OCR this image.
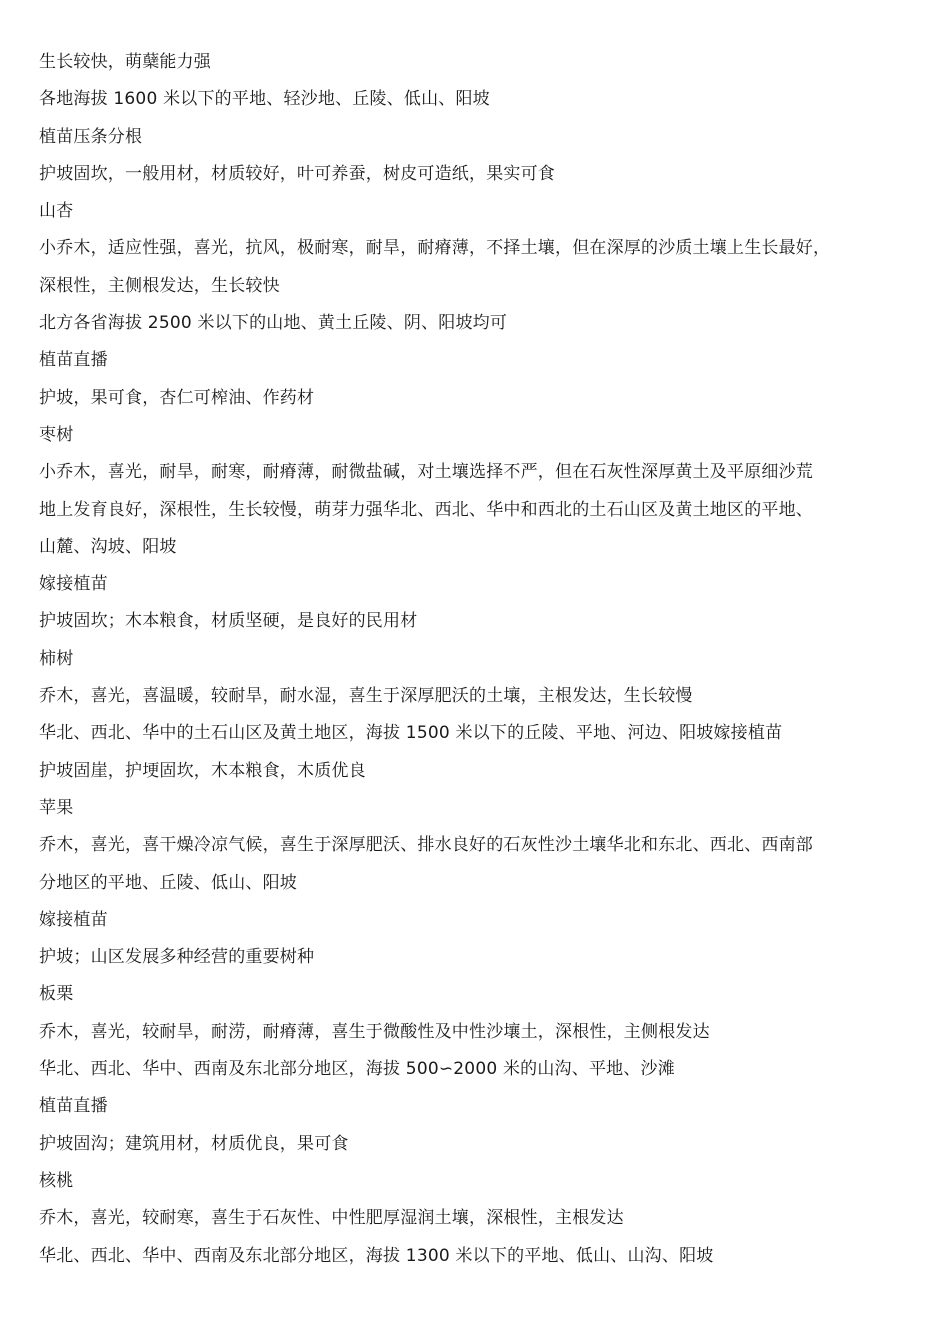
生长较快，萌蘖能力强
各地海拔 1600 米以下的平地、轻沙地、丘陵、低山、阳坡
植苗压条分根
护坡固坎，一般用材，材质较好，叶可养蚕，树皮可造纸，果实可食
山杏
小乔木，适应性强，喜光，抗风，极耐寒，耐旱，耐瘠薄，不择土壤，但在深厚的沙质土壤上生长最好，
深根性，主侧根发达，生长较快
北方各省海拔 2500 米以下的山地、黄土丘陵、阴、阳坡均可
植苗直播
护坡，果可食，杏仁可榨油、作药材
枣树
小乔木，喜光，耐旱，耐寒，耐瘠薄，耐微盐碱，对土壤选择不严，但在石灰性深厚黄土及平原细沙荒
地上发育良好，深根性，生长较慢，萌芽力强华北、西北、华中和西北的土石山区及黄土地区的平地、
山麓、沟坡、阳坡
嫁接植苗
护坡固坎；木本粮食，材质坚硬，是良好的民用材
柿树
乔木，喜光，喜温暖，较耐旱，耐水湿，喜生于深厚肥沃的土壤，主根发达，生长较慢
华北、西北、华中的土石山区及黄土地区，海拔 1500 米以下的丘陵、平地、河边、阳坡嫁接植苗
护坡固崖，护埂固坎，木本粮食，木质优良
苹果
乔木，喜光，喜干燥冷凉气候，喜生于深厚肥沃、排水良好的石灰性沙土壤华北和东北、西北、西南部
分地区的平地、丘陵、低山、阳坡
嫁接植苗
护坡；山区发展多种经营的重要树种
板栗
乔木，喜光，较耐旱，耐涝，耐瘠薄，喜生于微酸性及中性沙壤土，深根性，主侧根发达
华北、西北、华中、西南及东北部分地区，海拔 500∽2000 米的山沟、平地、沙滩
植苗直播
护坡固沟；建筑用材，材质优良，果可食
核桃
乔木，喜光，较耐寒，喜生于石灰性、中性肥厚湿润土壤，深根性，主根发达
华北、西北、华中、西南及东北部分地区，海拔 1300 米以下的平地、低山、山沟、阳坡
